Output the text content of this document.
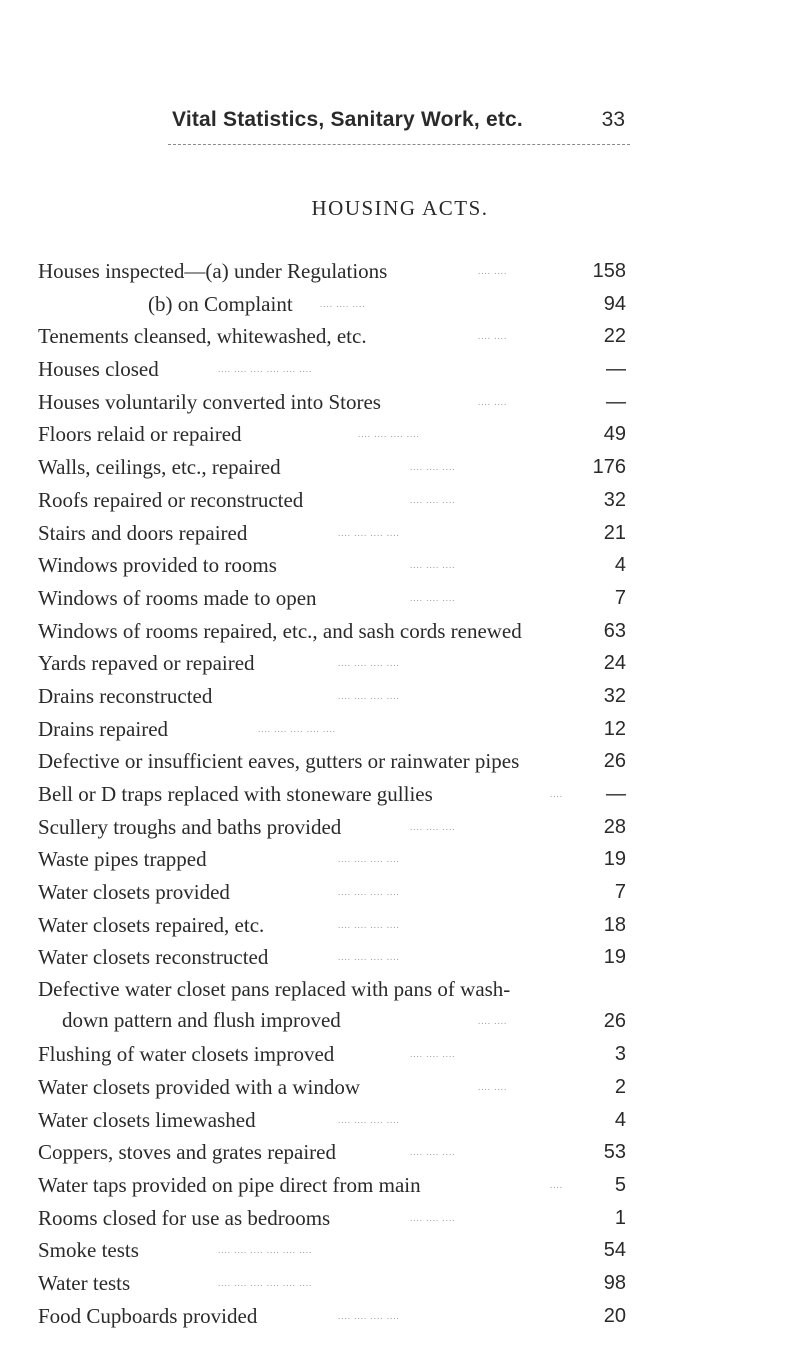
Vital Statistics, Sanitary Work, etc.	33
HOUSING ACTS.
Houses inspected—(a) under Regulations	.... ....	158
(b) on Complaint	.... .... ....	94
Tenements cleansed, whitewashed, etc.	.... ....	22
Houses closed	.... .... .... .... .... ....	—
Houses voluntarily converted into Stores	.... ....	—
Floors relaid or repaired	.... .... .... ....	49
Walls, ceilings, etc., repaired	.... .... ....	176
Roofs repaired or reconstructed	.... .... ....	32
Stairs and doors repaired	.... .... .... ....	21
Windows provided to rooms	.... .... ....	4
Windows of rooms made to open	.... .... ....	7
Windows of rooms repaired, etc., and sash cords renewed	63
Yards repaved or repaired	.... .... .... ....	24
Drains reconstructed	.... .... .... ....	32
Drains repaired	.... .... .... .... ....	12
Defective or insufficient eaves, gutters or rainwater pipes	26
Bell or D traps replaced with stoneware gullies	....	—
Scullery troughs and baths provided	.... .... ....	28
Waste pipes trapped	.... .... .... ....	19
Water closets provided	.... .... .... ....	7
Water closets repaired, etc.	.... .... .... ....	18
Water closets reconstructed	.... .... .... ....	19
Defective water closet pans replaced with pans of wash-
down pattern and flush improved	.... ....	26
Flushing of water closets improved	.... .... ....	3
Water closets provided with a window	.... ....	2
Water closets limewashed	.... .... .... ....	4
Coppers, stoves and grates repaired	.... .... ....	53
Water taps provided on pipe direct from main	....	5
Rooms closed for use as bedrooms	.... .... ....	1
Smoke tests	.... .... .... .... .... ....	54
Water tests	.... .... .... .... .... ....	98
Food Cupboards provided	.... .... .... ....	20
